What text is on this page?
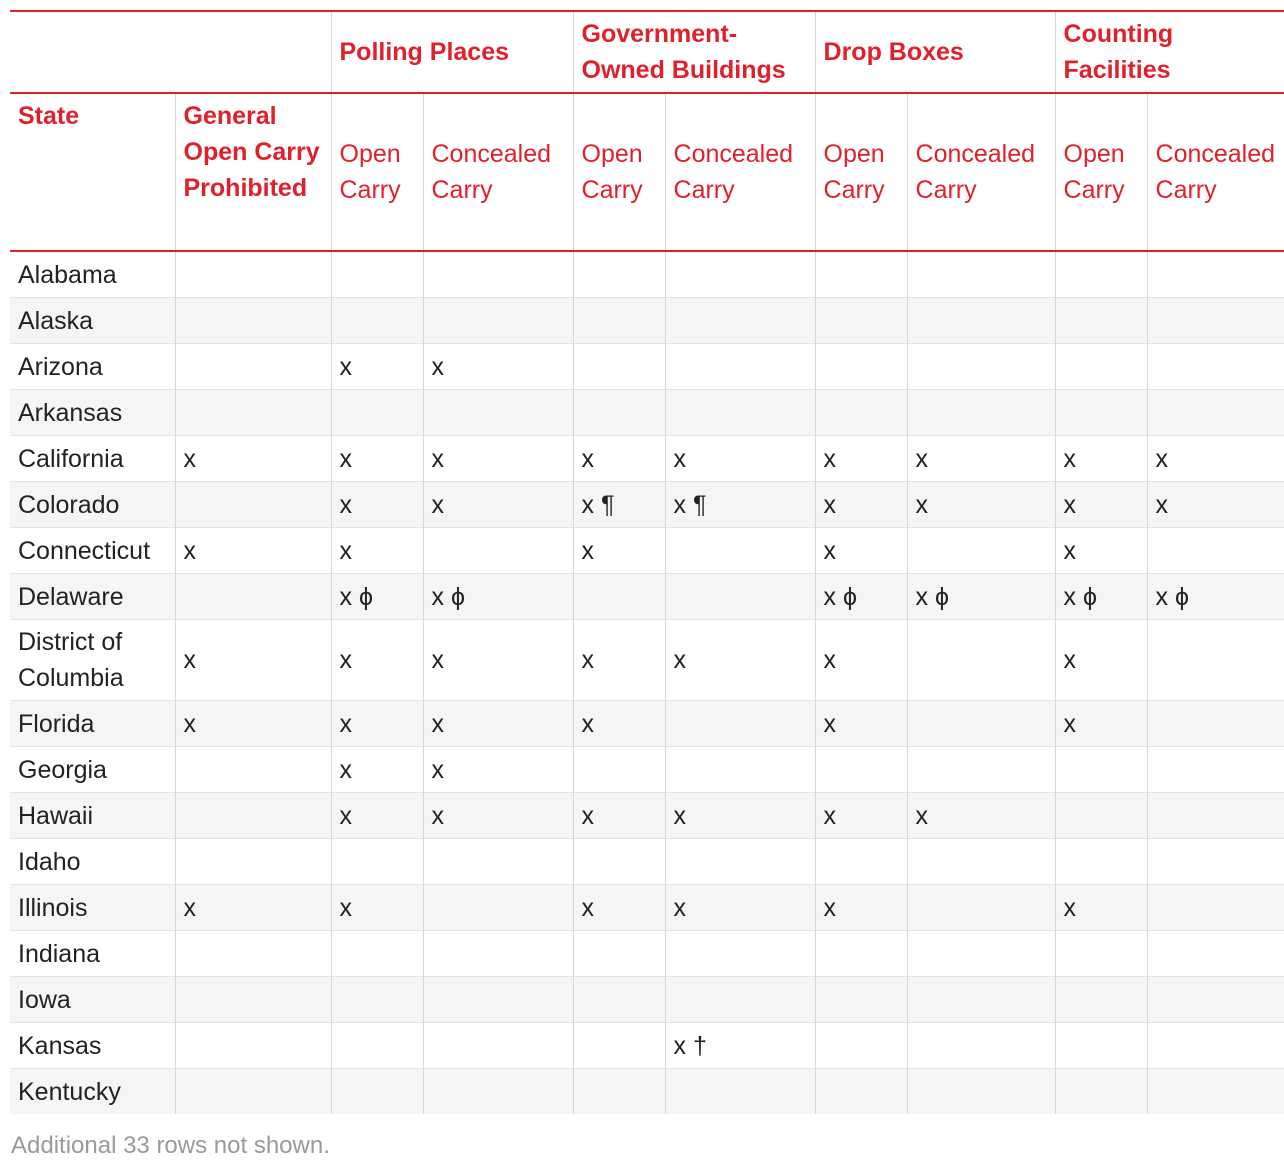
		Polling Places		Government-Owned Buildings		Drop Boxes		Counting Facilities	
State	General Open Carry Prohibited	Open Carry	Concealed Carry	Open Carry	Concealed Carry	Open Carry	Concealed Carry	Open Carry	Concealed Carry
Alabama									
Alaska									
Arizona		x	x						
Arkansas									
California	x	x	x	x	x	x	x	x	x
Colorado		x	x	x ¶	x ¶	x	x	x	x
Connecticut	x	x		x		x		x	
Delaware		x ϕ	x ϕ			x ϕ	x ϕ	x ϕ	x ϕ
District of Columbia	x	x	x	x	x	x		x	
Florida	x	x	x	x		x		x	
Georgia		x	x						
Hawaii		x	x	x	x	x	x		
Idaho									
Illinois	x	x		x	x	x		x	
Indiana									
Iowa									
Kansas					x †				
Kentucky									
Additional 33 rows not shown.
